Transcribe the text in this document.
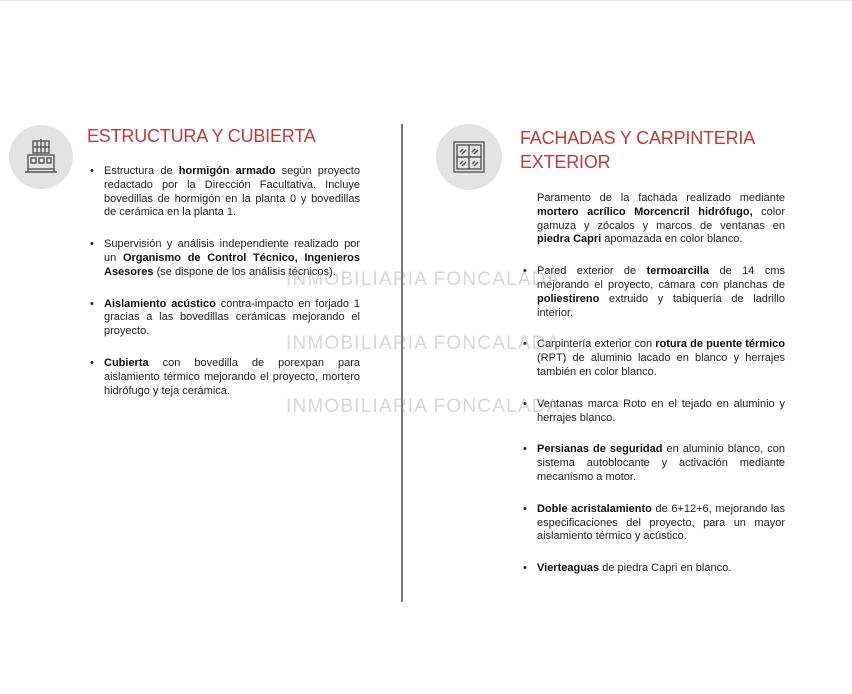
ESTRUCTURA Y CUBIERTA
• Estructura de hormigón armado según proyecto redactado por la Dirección Facultativa. Incluye bovedillas de hormigón en la planta 0 y bovedillas de cerámica en la planta 1.
• Supervisión y análisis independiente realizado por un Organismo de Control Técnico, Ingenieros Asesores (se dispone de los análisis técnicos).
• Aislamiento acústico contra-impacto en forjado 1 gracias a las bovedillas cerámicas mejorando el proyecto.
• Cubierta con bovedilla de porexpan para aislamiento térmico mejorando el proyecto, mortero hidrófugo y teja cerámica.
FACHADAS Y CARPINTERIA
EXTERIOR
Paramento de la fachada realizado mediante mortero acrílico Morcencril hidrófugo, color gamuza y zócalos y marcos de ventanas en piedra Capri apomazada en color blanco.
• Pared exterior de termoarcilla de 14 cms mejorando el proyecto, cámara con planchas de poliestireno extruido y tabiquería de ladrillo interior.
• Carpintería exterior con rotura de puente térmico (RPT) de aluminio lacado en blanco y herrajes también en color blanco.
• Ventanas marca Roto en el tejado en aluminio y herrajes blanco.
• Persianas de seguridad en aluminio blanco, con sistema autoblocante y activación mediante mecanismo a motor.
• Doble acristalamiento de 6+12+6, mejorando las especificaciones del proyecto, para un mayor aislamiento térmico y acústico.
• Vierteaguas de piedra Capri en blanco.
INMOBILIARIA FONCALADA
INMOBILIARIA FONCALADA
INMOBILIARIA FONCALADA
